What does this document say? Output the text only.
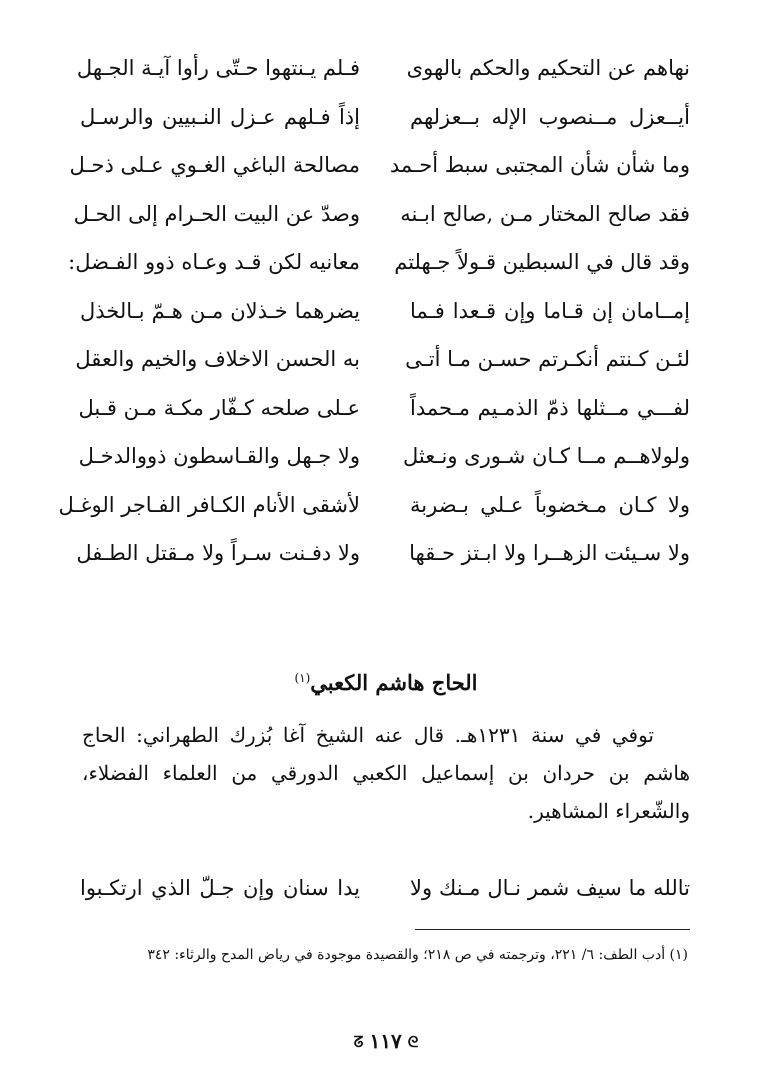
نهاهم عن التحكيم والحكم بالهوى
فـلم يـنتهوا حـتّى رأوا آيـة الجـهل
أيــعزل مــنصوب الإله بــعزلهم
إذاً فـلهم عـزل النـبيين والرسـل
وما شأن شأن المجتبى سبط أحـمد
مصالحة الباغي الغـوي عـلى ذحـل
فقد صالح المختار مـن ,صالح ابـنه
وصدّ عن البيت الحـرام إلى الحـل
وقد قال في السبطين قـولاً جـهلتم
معانيه لكن قـد وعـاه ذوو الفـضل:
إمــامان إن قـاما وإن قـعدا فـما
يضرهما خـذلان مـن هـمّ بـالخذل
لئـن كـنتم أنكـرتم حسـن مـا أتـى
به الحسن الاخلاف والخيم والعقل
لفـــي مــثلها ذمّ الذمـيم مـحمداً
عـلى صلحه كـفّار مكـة مـن قـبل
ولولاهــم مــا كـان شـورى ونـعثل
ولا جـهل والقـاسطون ذووالدخـل
ولا كـان مـخضوباً عـلي بـضربة
لأشقى الأنام الكـافر الفـاجر الوغـل
ولا سـيئت الزهــرا ولا ابـتز حـقها
ولا دفـنت سـراً ولا مـقتل الطـفل
الحاج هاشم الكعبي$^{(١)}$

توفي في سنة ١٢٣١هـ. قال عنه الشيخ آغا بُزرك الطهراني: الحاج هاشم بن حردان بن إسماعيل الكعبي الدورقي من العلماء الفضلاء، والشّعراء المشاهير.

تالله ما سيف شمر نـال مـنك ولا
يدا سنان وإن جـلّ الذي ارتكـبوا

(١) أدب الطف: ٦/ ٢٢١، وترجمته في ص ٢١٨؛ والقصيدة موجودة في رياض المدح والرثاء: ٣٤٢

ᘓ١١٧ᘔ
